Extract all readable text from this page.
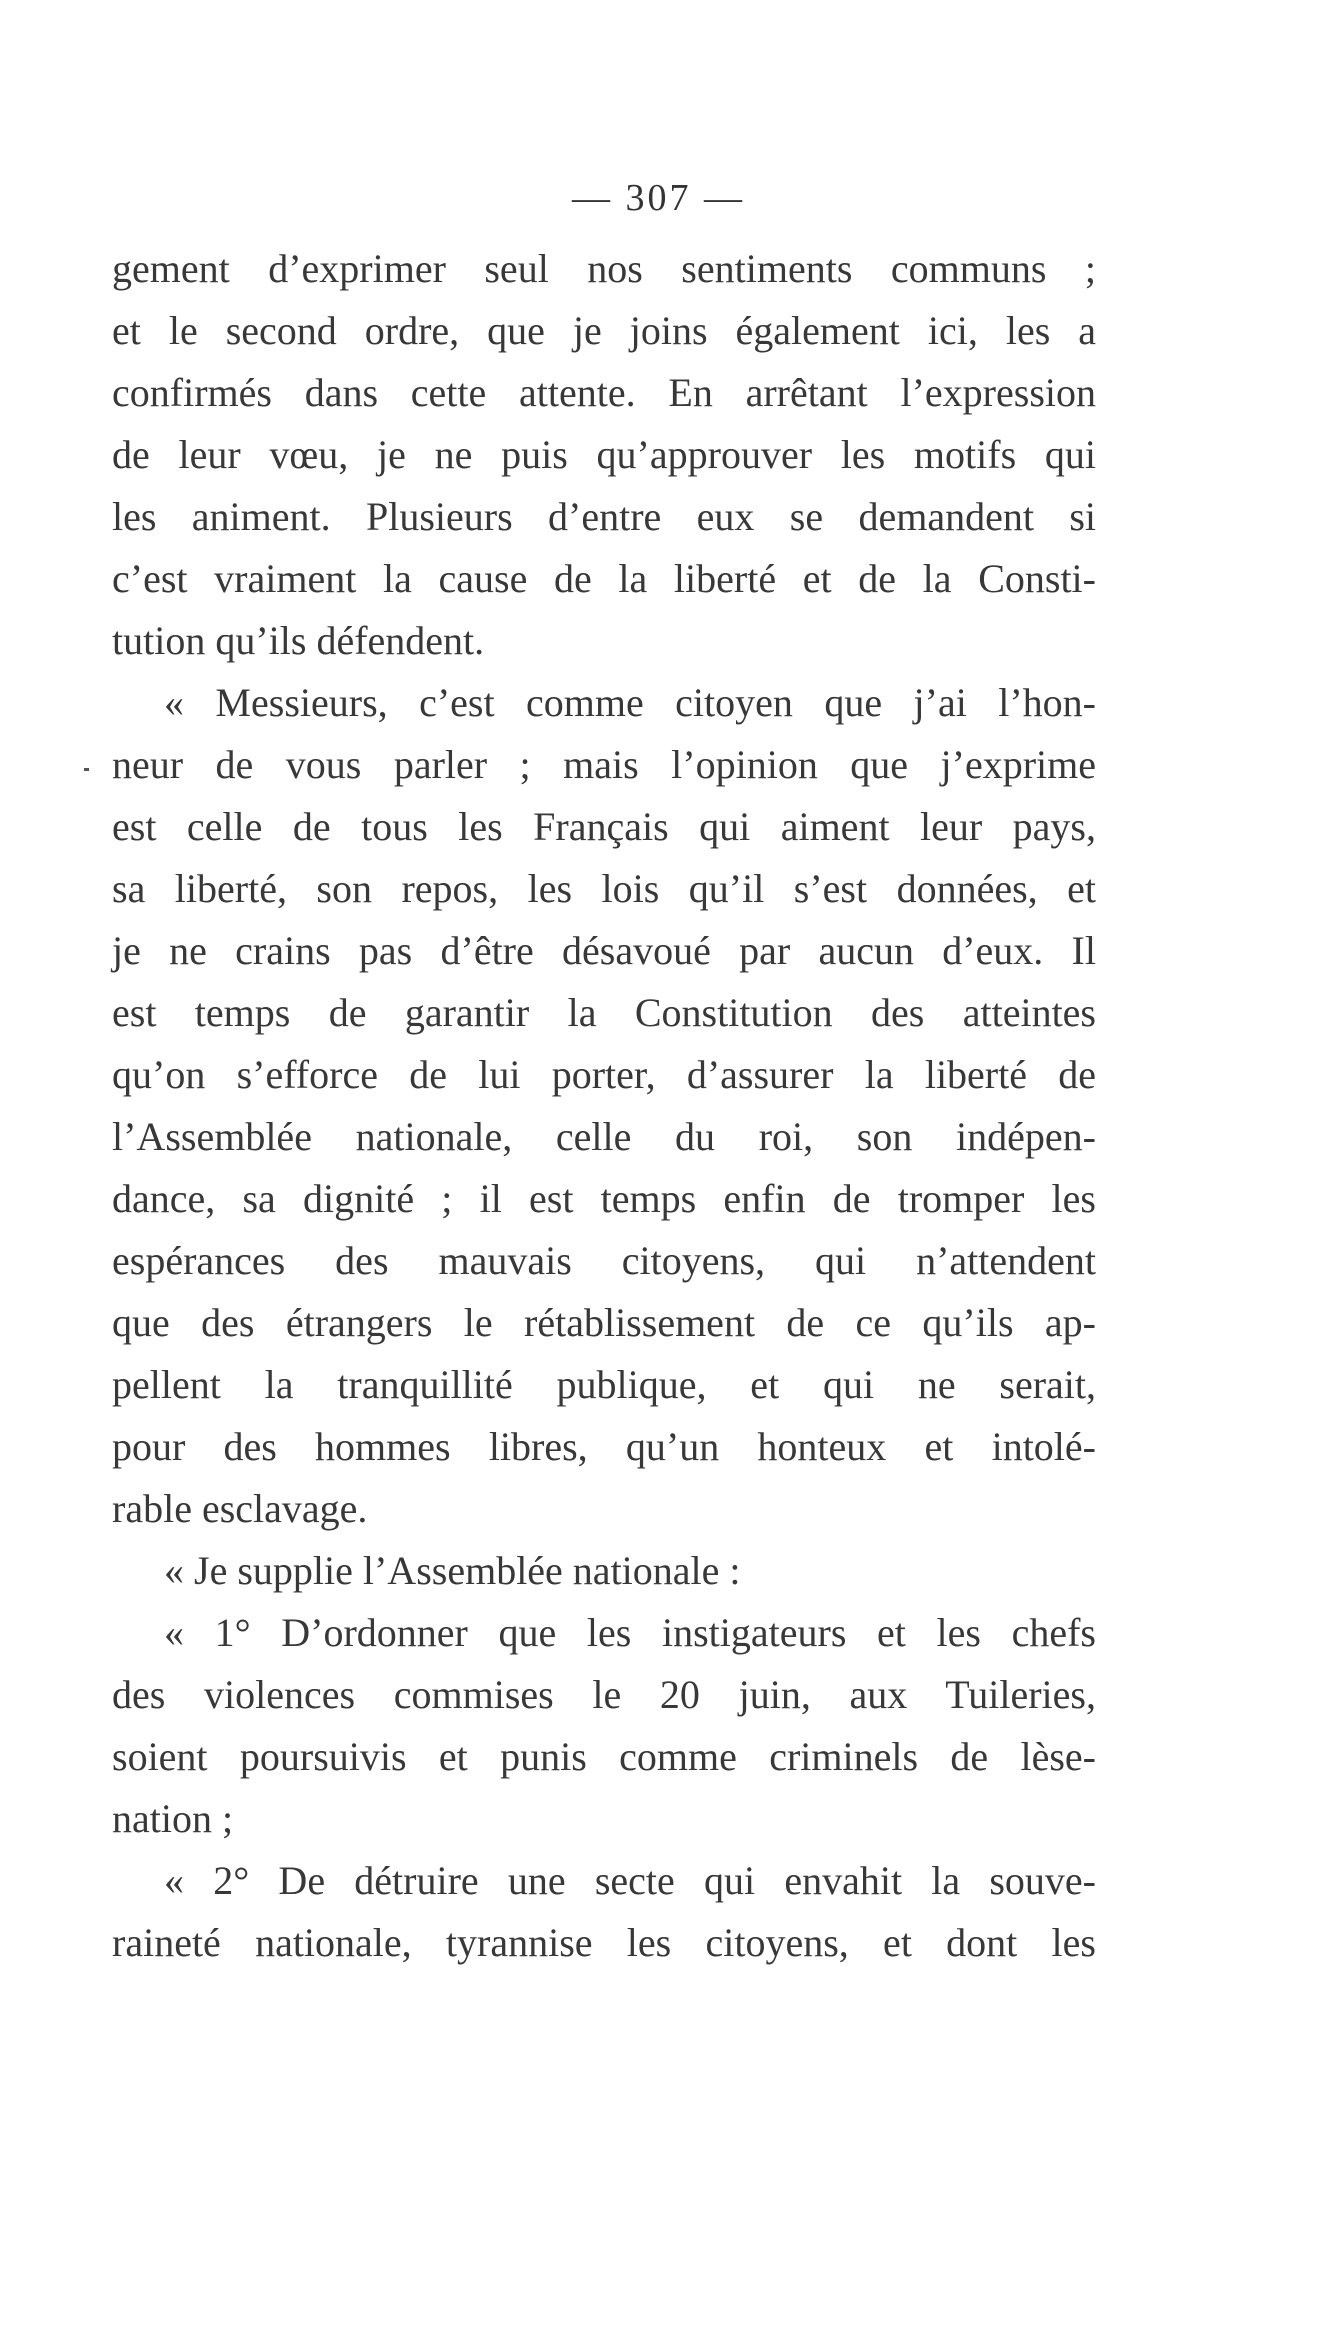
— 307 —
gement d’exprimer seul nos sentiments communs ;
et le second ordre, que je joins également ici, les a
confirmés dans cette attente. En arrêtant l’expression
de leur vœu, je ne puis qu’approuver les motifs qui
les animent. Plusieurs d’entre eux se demandent si
c’est vraiment la cause de la liberté et de la Consti-
tution qu’ils défendent.
« Messieurs, c’est comme citoyen que j’ai l’hon-
neur de vous parler ; mais l’opinion que j’exprime
est celle de tous les Français qui aiment leur pays,
sa liberté, son repos, les lois qu’il s’est données, et
je ne crains pas d’être désavoué par aucun d’eux. Il
est temps de garantir la Constitution des atteintes
qu’on s’efforce de lui porter, d’assurer la liberté de
l’Assemblée nationale, celle du roi, son indépen-
dance, sa dignité ; il est temps enfin de tromper les
espérances des mauvais citoyens, qui n’attendent
que des étrangers le rétablissement de ce qu’ils ap-
pellent la tranquillité publique, et qui ne serait,
pour des hommes libres, qu’un honteux et intolé-
rable esclavage.
« Je supplie l’Assemblée nationale :
« 1° D’ordonner que les instigateurs et les chefs
des violences commises le 20 juin, aux Tuileries,
soient poursuivis et punis comme criminels de lèse-
nation ;
« 2° De détruire une secte qui envahit la souve-
raineté nationale, tyrannise les citoyens, et dont les
